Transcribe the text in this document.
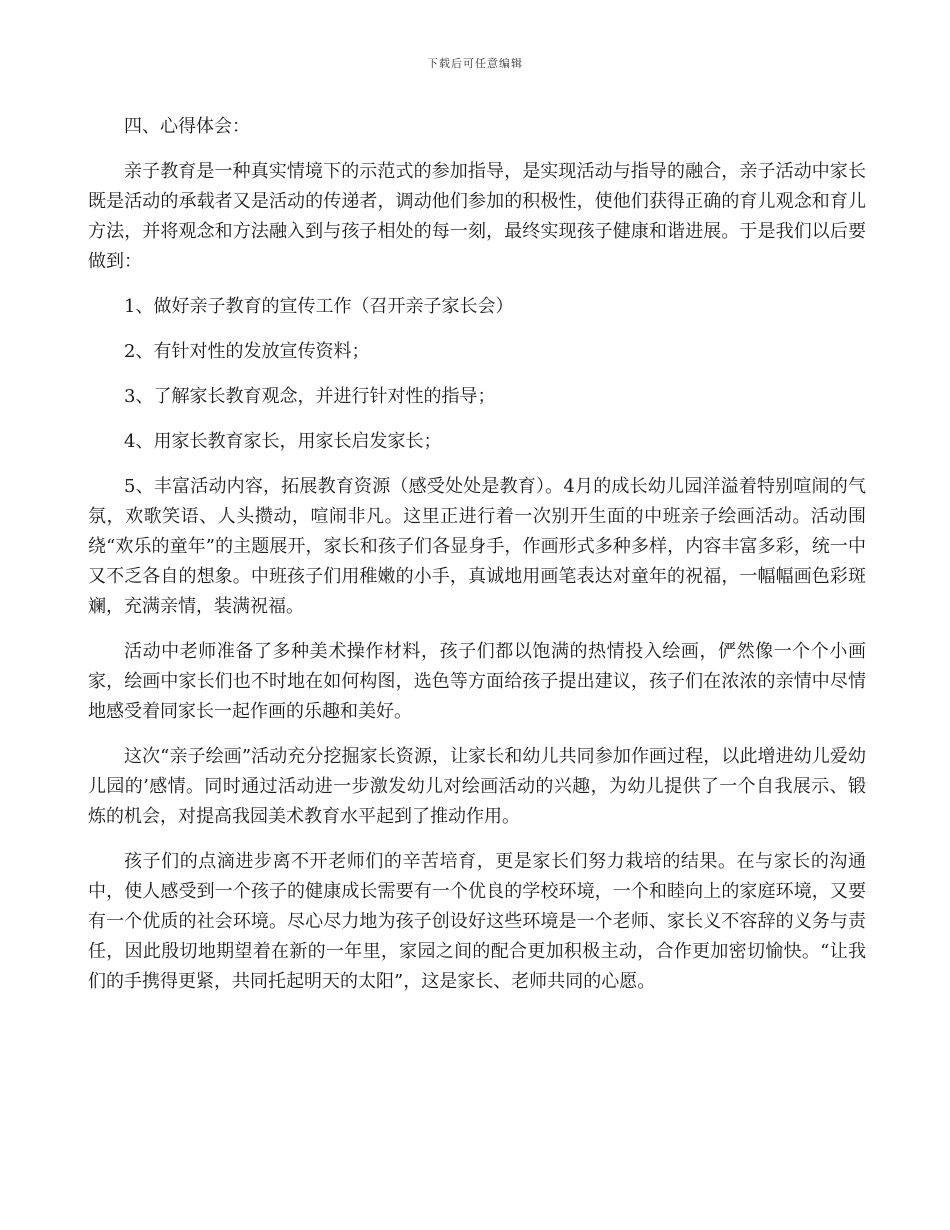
下载后可任意编辑

四、心得体会：

亲子教育是一种真实情境下的示范式的参加指导，是实现活动与指导的融合，亲子活动中家长既是活动的承载者又是活动的传递者，调动他们参加的积极性，使他们获得正确的育儿观念和育儿方法，并将观念和方法融入到与孩子相处的每一刻，最终实现孩子健康和谐进展。于是我们以后要做到：

1、做好亲子教育的宣传工作（召开亲子家长会）

2、有针对性的发放宣传资料；

3、了解家长教育观念，并进行针对性的指导；

4、用家长教育家长，用家长启发家长；

5、丰富活动内容，拓展教育资源（感受处处是教育）。4月的成长幼儿园洋溢着特别喧闹的气氛，欢歌笑语、人头攒动，喧闹非凡。这里正进行着一次别开生面的中班亲子绘画活动。活动围绕“欢乐的童年”的主题展开，家长和孩子们各显身手，作画形式多种多样，内容丰富多彩，统一中又不乏各自的想象。中班孩子们用稚嫩的小手，真诚地用画笔表达对童年的祝福，一幅幅画色彩斑斓，充满亲情，装满祝福。

活动中老师准备了多种美术操作材料，孩子们都以饱满的热情投入绘画，俨然像一个个小画家，绘画中家长们也不时地在如何构图，选色等方面给孩子提出建议，孩子们在浓浓的亲情中尽情地感受着同家长一起作画的乐趣和美好。

这次“亲子绘画”活动充分挖掘家长资源，让家长和幼儿共同参加作画过程，以此增进幼儿爱幼儿园的’感情。同时通过活动进一步激发幼儿对绘画活动的兴趣，为幼儿提供了一个自我展示、锻炼的机会，对提高我园美术教育水平起到了推动作用。

孩子们的点滴进步离不开老师们的辛苦培育，更是家长们努力栽培的结果。在与家长的沟通中，使人感受到一个孩子的健康成长需要有一个优良的学校环境，一个和睦向上的家庭环境，又要有一个优质的社会环境。尽心尽力地为孩子创设好这些环境是一个老师、家长义不容辞的义务与责任，因此殷切地期望着在新的一年里，家园之间的配合更加积极主动，合作更加密切愉快。“让我们的手携得更紧，共同托起明天的太阳”，这是家长、老师共同的心愿。
